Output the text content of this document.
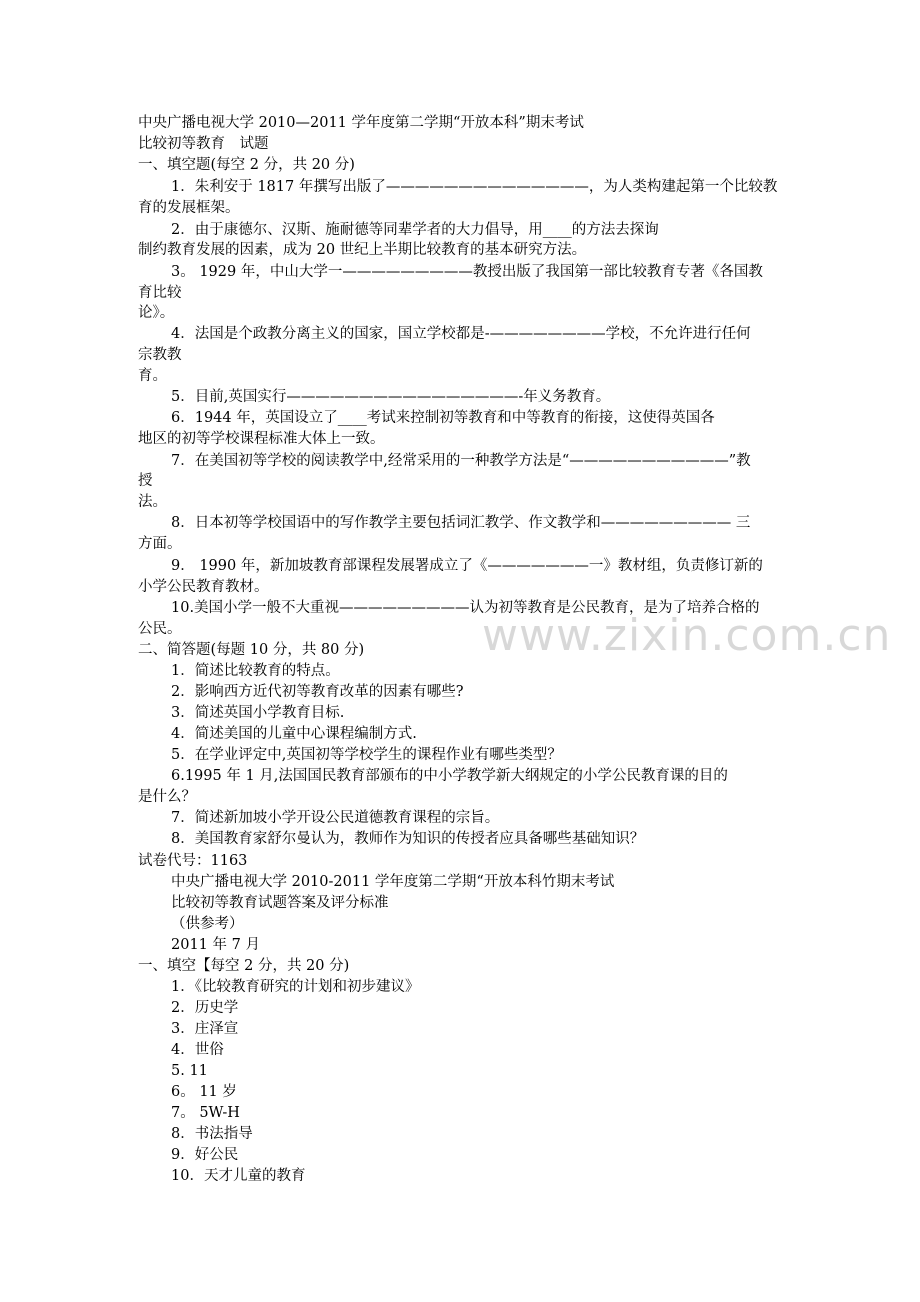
www.zixin.com.cn
中央广播电视大学 2010—2011 学年度第二学期“开放本科”期末考试
比较初等教育　试题
一、填空题(每空 2 分，共 20 分)
1．朱利安于 1817 年撰写出版了——————————————，为人类构建起第一个比较教
育的发展框架。
2．由于康德尔、汉斯、施耐德等同辈学者的大力倡导，用____的方法去探询
制约教育发展的因素，成为 20 世纪上半期比较教育的基本研究方法。
3。 1929 年，中山大学一—————————教授出版了我国第一部比较教育专著《各国教
育比较
论》。
4．法国是个政教分离主义的国家，国立学校都是-————————学校，不允许进行任何
宗教教
育。
5．目前,英国实行————————————————-年义务教育。
6．1944 年，英国设立了____考试来控制初等教育和中等教育的衔接，这使得英国各
地区的初等学校课程标准大体上一致。
7．在美国初等学校的阅读教学中,经常采用的一种教学方法是“———————————”教
授
法。
8．日本初等学校国语中的写作教学主要包括词汇教学、作文教学和————————— 三
方面。
9． 1990 年，新加坡教育部课程发展署成立了《———————一》教材组，负责修订新的
小学公民教育教材。
10.美国小学一般不大重视—————————认为初等教育是公民教育，是为了培养合格的
公民。
二、简答题(每题 10 分，共 80 分)
1．简述比较教育的特点。
2．影响西方近代初等教育改革的因素有哪些?
3．简述英国小学教育目标.
4．简述美国的儿童中心课程编制方式.
5．在学业评定中,英国初等学校学生的课程作业有哪些类型？
6.1995 年 1 月,法国国民教育部颁布的中小学教学新大纲规定的小学公民教育课的目的
是什么？
7．简述新加坡小学开设公民道德教育课程的宗旨。
8．美国教育家舒尔曼认为，教师作为知识的传授者应具备哪些基础知识？
试卷代号：1163
中央广播电视大学 2010-2011 学年度第二学期“开放本科竹期末考试
比较初等教育试题答案及评分标准
（供参考）
2011 年 7 月
一、填空【每空 2 分，共 20 分)
1．《比较教育研究的计划和初步建议》
2．历史学
3．庄泽宣
4．世俗
5. 11
6。 11 岁
7。 5W-H
8．书法指导
9．好公民
10．天才儿童的教育
